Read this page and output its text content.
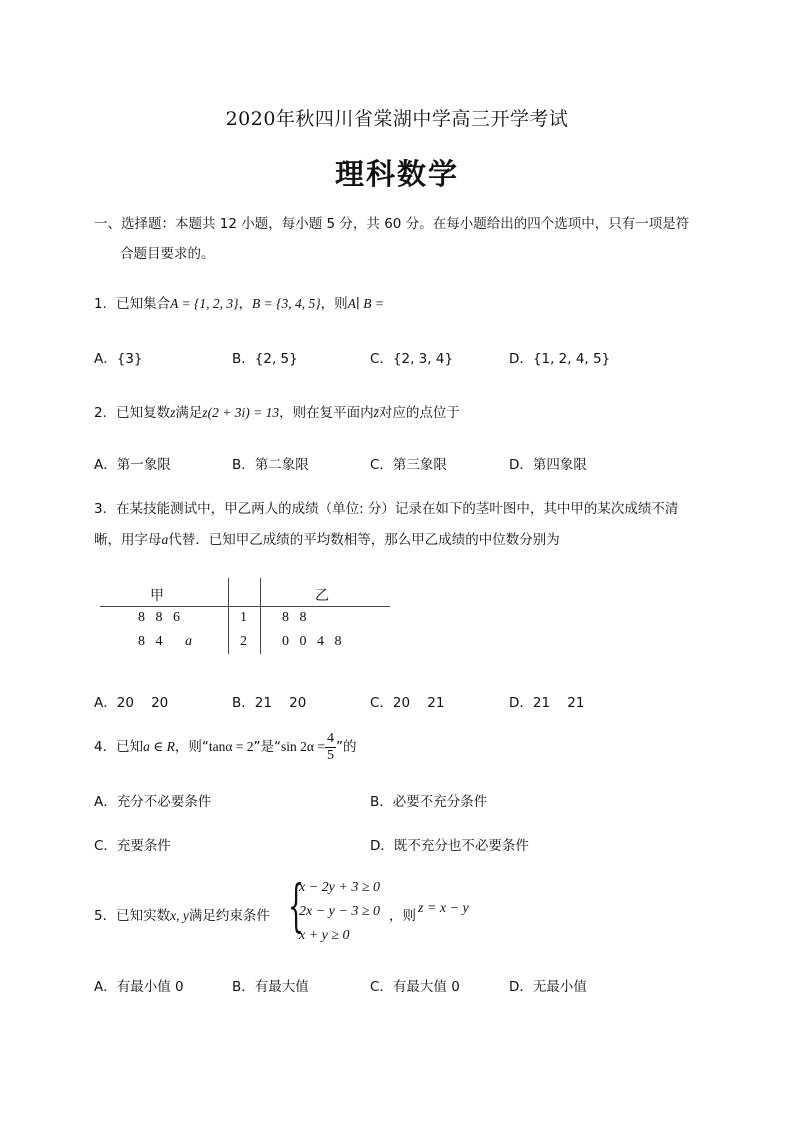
2020年秋四川省棠湖中学高三开学考试
理科数学
一、选择题：本题共 12 小题，每小题 5 分，共 60 分。在每小题给出的四个选项中，只有一项是符
合题目要求的。
1．已知集合A = {1, 2, 3}，B = {3, 4, 5}，则A∣ B =
A．{3}	B．{2, 5}	C．{2, 3, 4}	D．{1, 2, 4, 5}
2．已知复数z满足z(2 + 3i) = 13，则在复平面内z̄对应的点位于
A．第一象限	B．第二象限	C．第三象限	D．第四象限
3．在某技能测试中，甲乙两人的成绩（单位: 分）记录在如下的茎叶图中，其中甲的某次成绩不清
晰，用字母a代替．已知甲乙成绩的平均数相等，那么甲乙成绩的中位数分别为
甲	乙
8   8   6	1	8   8
8   4 a	2	0   0   4   8
A．20    20	B．21    20	C．20    21	D．21    21
4．已知a ∈ R，则“tanα = 2”是“sin $2\alpha = \frac{4}{5}$ ”的
A．充分不必要条件	B．必要不充分条件
C．充要条件	D．既不充分也不必要条件
5．已知实数x, y满足约束条件 {
x − 2y + 3 ≥ 0
2x − y − 3 ≥ 0
x + y ≥ 0
，则 z = x − y
A．有最小值 0	B．有最大值	C．有最大值 0	D．无最小值
